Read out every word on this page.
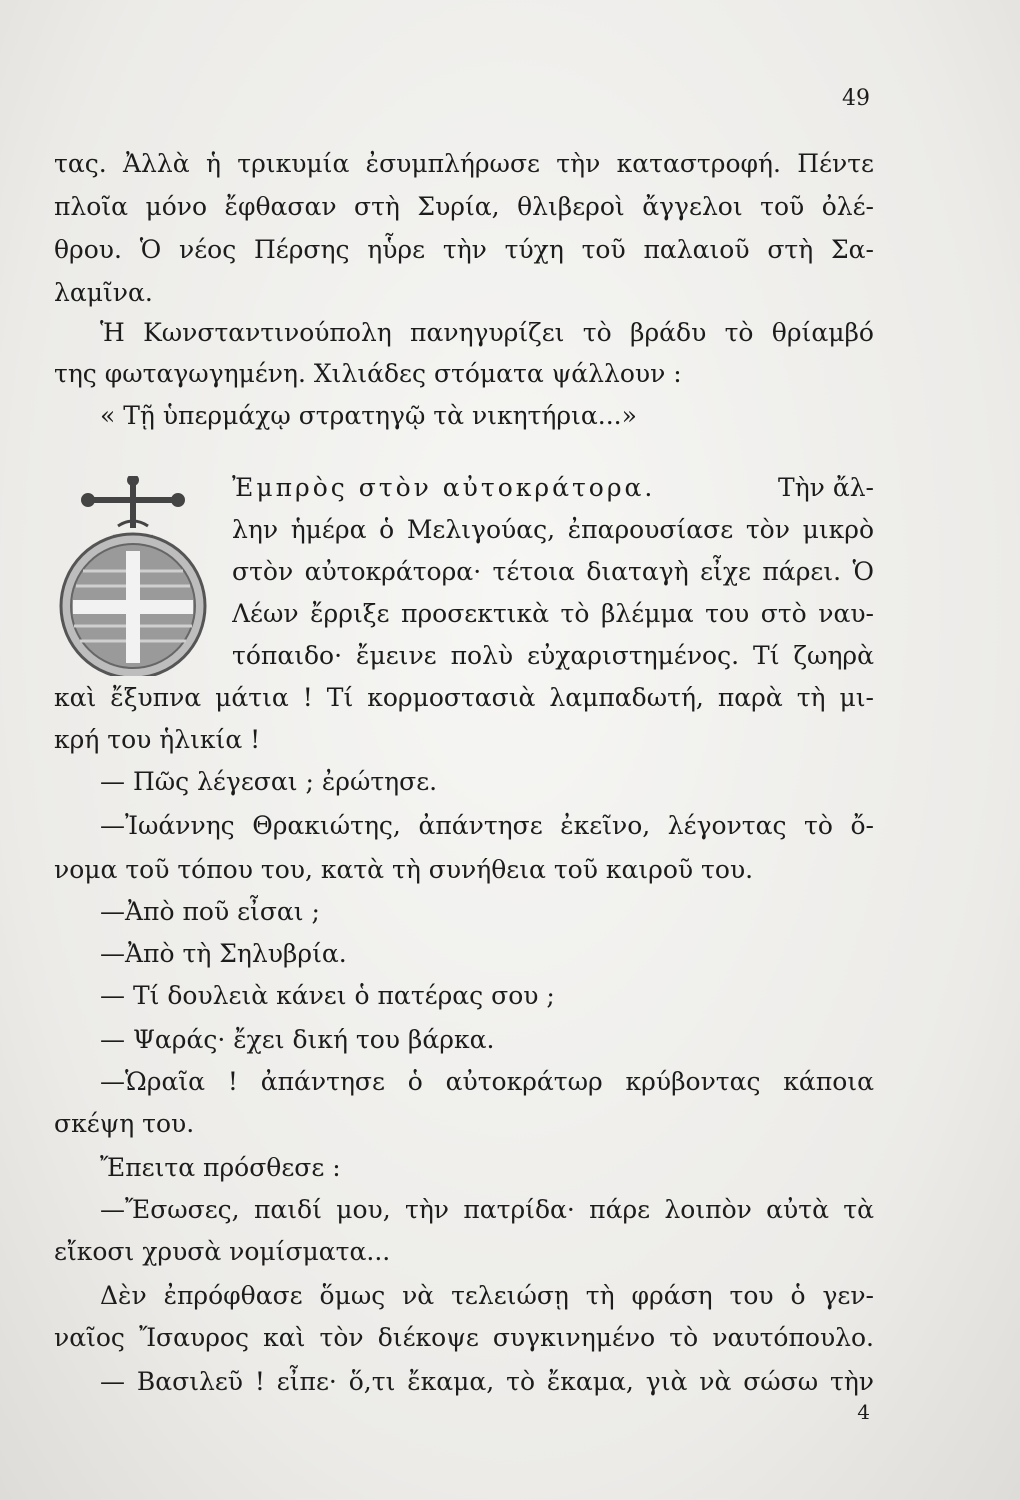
49
τας. Ἀλλὰ ἡ τρικυμία ἐσυμπλήρωσε τὴν καταστροφή. Πέντε
πλοῖα μόνο ἔφθασαν στὴ Συρία, θλιβεροὶ ἄγγελοι τοῦ ὀλέ-
θρου. Ὁ νέος Πέρσης ηὗρε τὴν τύχη τοῦ παλαιοῦ στὴ Σα-
λαμῖνα.
Ἡ Κωνσταντινούπολη πανηγυρίζει τὸ βράδυ τὸ θρίαμβό
της φωταγωγημένη. Χιλιάδες στόματα ψάλλουν :
« Τῇ ὑπερμάχῳ στρατηγῷ τὰ νικητήρια...»
Ἐμπρὸς στὸν αὐτοκράτορα.	Τὴν ἄλ-
λην ἡμέρα ὁ Μελιγούας, ἐπαρουσίασε τὸν μικρὸ
στὸν αὐτοκράτορα· τέτοια διαταγὴ εἶχε πάρει. Ὁ
Λέων ἔρριξε προσεκτικὰ τὸ βλέμμα του στὸ ναυ-
τόπαιδο· ἔμεινε πολὺ εὐχαριστημένος. Τί ζωηρὰ
καὶ ἔξυπνα μάτια ! Τί κορμοστασιὰ λαμπαδωτή, παρὰ τὴ μι-
κρή του ἡλικία !
— Πῶς λέγεσαι ; ἐρώτησε.
—Ἰωάννης Θρακιώτης, ἀπάντησε ἐκεῖνο, λέγοντας τὸ ὄ-
νομα τοῦ τόπου του, κατὰ τὴ συνήθεια τοῦ καιροῦ του.
—Ἀπὸ ποῦ εἶσαι ;
—Ἀπὸ τὴ Σηλυβρία.
— Τί δουλειὰ κάνει ὁ πατέρας σου ;
— Ψαράς· ἔχει δική του βάρκα.
—Ὡραῖα ! ἀπάντησε ὁ αὐτοκράτωρ κρύβοντας κάποια
σκέψη του.
Ἔπειτα πρόσθεσε :
—Ἔσωσες, παιδί μου, τὴν πατρίδα· πάρε λοιπὸν αὐτὰ τὰ
εἴκοσι χρυσὰ νομίσματα...
Δὲν ἐπρόφθασε ὅμως νὰ τελειώσῃ τὴ φράση του ὁ γεν-
ναῖος Ἴσαυρος καὶ τὸν διέκοψε συγκινημένο τὸ ναυτόπουλο.
— Βασιλεῦ ! εἶπε· ὅ,τι ἔκαμα, τὸ ἔκαμα, γιὰ νὰ σώσω τὴν
4
